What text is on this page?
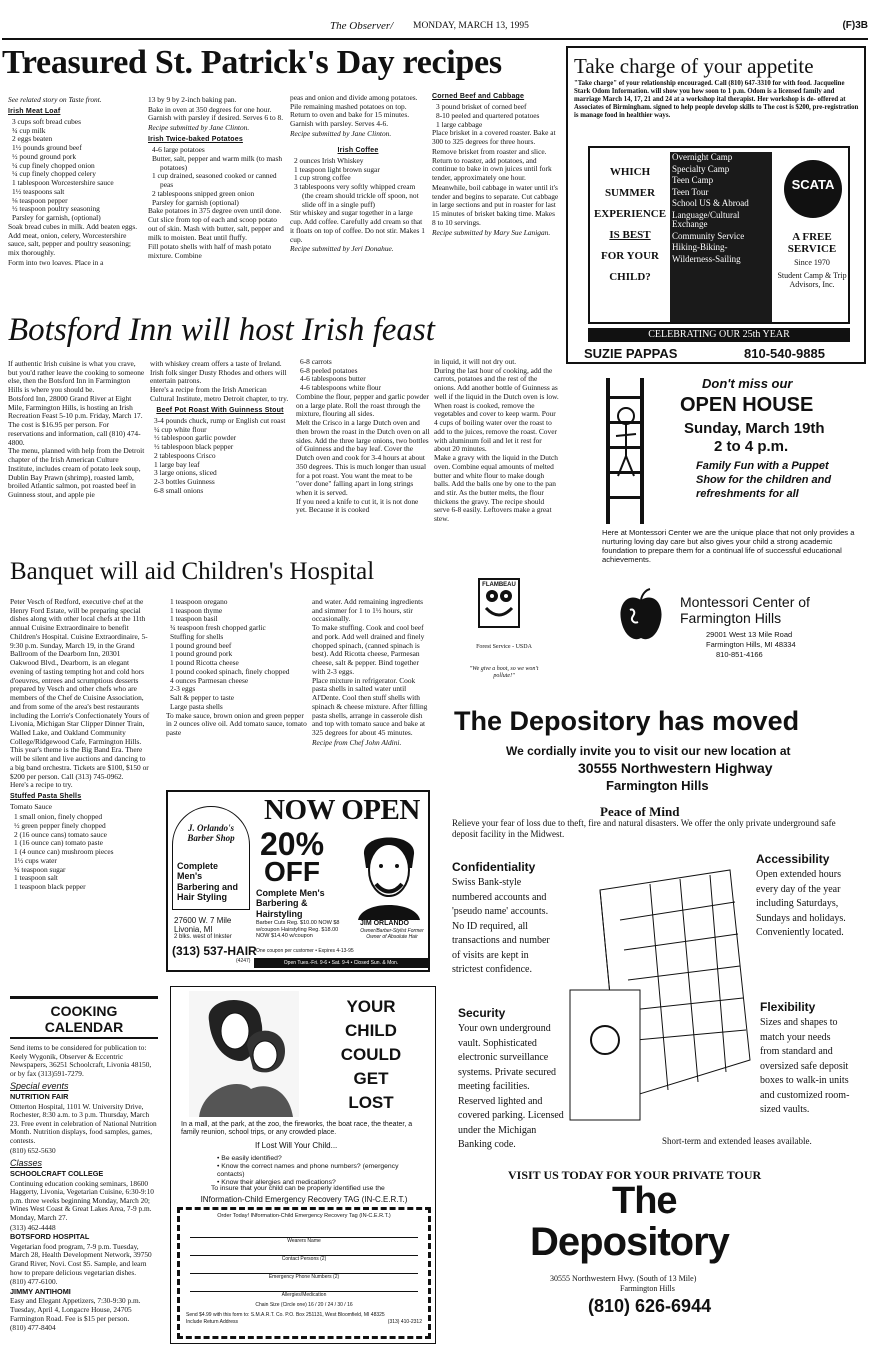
The Observer/ MONDAY, MARCH 13, 1995	(F)3B
Treasured St. Patrick's Day recipes

See related story on Taste front.

Irish Meat Loaf
3 cups soft bread cubes
¾ cup milk
2 eggs beaten
1½ pounds ground beef
½ pound ground pork
¼ cup finely chopped onion
¼ cup finely chopped celery
1 tablespoon Worcestershire sauce
1½ teaspoons salt
⅛ teaspoon pepper
½ teaspoon poultry seasoning
Parsley for garnish, (optional)

Soak bread cubes in milk. Add beaten eggs. Add meat, onion, celery, Worcestershire sauce, salt, pepper and poultry seasoning; mix thoroughly.

Form into two loaves. Place in a

13 by 9 by 2-inch baking pan.

Bake in oven at 350 degrees for one hour. Garnish with parsley if desired. Serves 6 to 8.

Recipe submitted by Jane Clinton.

Irish Twice-baked Potatoes
4-6 large potatoes
Butter, salt, pepper and warm milk (to mash potatoes)
1 cup drained, seasoned cooked or canned peas
2 tablespoons snipped green onion
Parsley for garnish (optional)

Bake potatoes in 375 degree oven until done. Cut slice from top of each and scoop potato out of skin. Mash with butter, salt, pepper and milk to moisten. Beat until fluffy.

Fill potato shells with half of mash potato mixture. Combine

peas and onion and divide among potatoes. Pile remaining mashed potatoes on top. Return to oven and bake for 15 minutes. Garnish with parsley. Serves 4-6.

Recipe submitted by Jane Clinton.

Irish Coffee
2 ounces Irish Whiskey
1 teaspoon light brown sugar
1 cup strong coffee
3 tablespoons very softly whipped cream (the cream should trickle off spoon, not slide off in a single puff)

Stir whiskey and sugar together in a large cup. Add coffee. Carefully add cream so that it floats on top of coffee. Do not stir. Makes 1 cup.

Recipe submitted by Jeri Donahue.

Corned Beef and Cabbage
3 pound brisket of corned beef
8-10 peeled and quartered potatoes
1 large cabbage

Place brisket in a covered roaster. Bake at 300 to 325 degrees for three hours.

Remove brisket from roaster and slice. Return to roaster, add potatoes, and continue to bake in own juices until fork tender, approximately one hour.

Meanwhile, boil cabbage in water until it's tender and begins to separate. Cut cabbage in large sections and put in roaster for last 15 minutes of brisket baking time. Makes 8 to 10 servings.

Recipe submitted by Mary Sue Lanigan.

Take charge of your appetite
"Take charge" of your relationship encouraged. Call (810) 647-3310 for with food. Jacqueline Stark Odom Information. will show you how soon to 1 p.m. Odom is a licensed family and marriage March 14, 17, 21 and 24 at a workshop ital therapist. Her workshop is de- offered at Associates of Birmingham. signed to help people develop skills to The cost is $200, pre-registration is manage food in healthier ways.
WHICH
SUMMER
EXPERIENCE
IS BEST
FOR YOUR
CHILD?
Overnight Camp
Specialty Camp
Teen Camp
Teen Tour
School US & Abroad
Language/Cultural Exchange
Community Service
Hiking-Biking-
Wilderness-Sailing
SCATA
A FREE SERVICE
Since 1970
Student Camp & Trip Advisors, Inc.
CELEBRATING OUR 25th YEAR
SUZIE PAPPAS	810-540-9885
Botsford Inn will host Irish feast
If authentic Irish cuisine is what you crave, but you'd rather leave the cooking to someone else, then the Botsford Inn in Farmington Hills is where you should be.
Botsford Inn, 28000 Grand River at Eight Mile, Farmington Hills, is hosting an Irish Recreation Feast 5-10 p.m. Friday, March 17. The cost is $16.95 per person. For reservations and information, call (810) 474-4800.
The menu, planned with help from the Detroit chapter of the Irish American Culture Institute, includes cream of potato leek soup, Dublin Bay Prawn (shrimp), roasted lamb, broiled Atlantic salmon, pot roasted beef in Guinness stout, and apple pie

with whiskey cream offers a taste of Ireland.
Irish folk singer Dusty Rhodes and others will entertain patrons.
Here's a recipe from the Irish American Cultural Institute, metro Detroit chapter, to try.

Beef Pot Roast With Guinness Stout
3-4 pounds chuck, rump or English cut roast
¼ cup white flour
½ tablespoon garlic powder
½ tablespoon black pepper
2 tablespoons Crisco
1 large bay leaf
3 large onions, sliced
2-3 bottles Guinness
6-8 small onions
6-8 carrots
6-8 peeled potatoes
4-6 tablespoons butter
4-6 tablespoons white flour

Combine the flour, pepper and garlic powder on a large plate. Roll the roast through the mixture, flouring all sides.
Melt the Crisco in a large Dutch oven and then brown the roast in the Dutch oven on all sides. Add the three large onions, two bottles of Guinness and the bay leaf. Cover the Dutch oven and cook for 3-4 hours at about 350 degrees. This is much longer than usual for a pot roast. You want the meat to be "over done" falling apart in long strings when it is served.
If you need a knife to cut it, it is not done yet. Because it is cooked

in liquid, it will not dry out.
During the last hour of cooking, add the carrots, potatoes and the rest of the onions. Add another bottle of Guinness as well if the liquid in the Dutch oven is low.
When roast is cooked, remove the vegetables and cover to keep warm. Pour 4 cups of boiling water over the roast to add to the juices, remove the roast. Cover with aluminum foil and let it rest for about 20 minutes.
Make a gravy with the liquid in the Dutch oven. Combine equal amounts of melted butter and white flour to make dough balls. Add the balls one by one to the pan and stir. As the butter melts, the flour thickens the gravy. The recipe should serve 6-8 easily. Leftovers make a great stew.
Don't miss our
OPEN HOUSE
Sunday, March 19th
2 to 4 p.m.
Family Fun with a Puppet Show for the children and refreshments for all
Here at Montessori Center we are the unique place that not only provides a nurturing loving day care but also gives your child a strong academic foundation to prepare them for a continual life of successful educational achievements.
Montessori Center of Farmington Hills
29001 West 13 Mile Road
Farmington Hills, MI 48334
810-851-4166
Banquet will aid Children's Hospital

Peter Vesch of Redford, executive chef at the Henry Ford Estate, will be preparing special dishes along with other local chefs at the 11th annual Cuisine Extraordinaire to benefit Children's Hospital. Cuisine Extraordinaire, 5-9:30 p.m. Sunday, March 19, in the Grand Ballroom of the Dearborn Inn, 20301 Oakwood Blvd., Dearborn, is an elegant evening of tasting tempting hot and cold hors d'oeuvres, entrees and scrumptious desserts prepared by Vesch and other chefs who are members of the Chef de Cuisine Association, and from some of the area's best restaurants including the Lorrie's Confectionately Yours of Livonia, Michigan Star Clipper Dinner Train, Walled Lake, and Oakland Community College/Ridgewood Cafe, Farmington Hills.
This year's theme is the Big Band Era. There will be silent and live auctions and dancing to a big band orchestra. Tickets are $100, $150 or $200 per person. Call (313) 745-0962.
Here's a recipe to try.

Stuffed Pasta Shells

Tomato Sauce

1 small onion, finely chopped
½ green pepper finely chopped
2 (16 ounce cans) tomato sauce
1 (16 ounce can) tomato paste
1 (4 ounce can) mushroom pieces
1½ cups water
¾ teaspoon sugar
1 teaspoon salt
1 teaspoon black pepper
1 teaspoon oregano
1 teaspoon thyme
1 teaspoon basil
¾ teaspoon fresh chopped garlic
Stuffing for shells
1 pound ground beef
1 pound ground pork
1 pound Ricotta cheese
1 pound cooked spinach, finely chopped
4 ounces Parmesan cheese
2-3 eggs
Salt & pepper to taste
Large pasta shells

To make sauce, brown onion and green pepper in 2 ounces olive oil. Add tomato sauce, tomato paste

and water. Add remaining ingredients and simmer for 1 to 1½ hours, stir occasionally.
To make stuffing. Cook and cool beef and pork. Add well drained and finely chopped spinach, (canned spinach is best). Add Ricotta cheese, Parmesan cheese, salt & pepper. Bind together with 2-3 eggs.
Place mixture in refrigerator. Cook pasta shells in salted water until Al'Dente. Cool then stuff shells with spinach & cheese mixture. After filling pasta shells, arrange in casserole dish and top with tomato sauce and bake at 325 degrees for about 45 minutes.

Recipe from Chef John Aldini.

FLAMBEAU
Forest Service - USDA
"We give a hoot, so we won't pollute!"
COOKING
CALENDAR

Send items to be considered for publication to: Keely Wygonik, Observer & Eccentric Newspapers, 36251 Schoolcraft, Livonia 48150, or by fax (313)591-7279.

Special events

NUTRITION FAIR

Ottterton Hospital, 1101 W. University Drive, Rochester, 8:30 a.m. to 3 p.m. Thursday, March 23. Free event in celebration of National Nutrition Month. Nutrition displays, food samples, games, contests.

(810) 652-5630

Classes

SCHOOLCRAFT COLLEGE

Continuing education cooking seminars, 18600 Haggerty, Livonia, Vegetarian Cuisine, 6:30-9:10 p.m. three weeks beginning Monday, March 20; Wines West Coast & Great Lakes Area, 7-9 p.m. Monday, March 27.

(313) 462-4448

BOTSFORD HOSPITAL

Vegetarian food program, 7-9 p.m. Tuesday, March 28, Health Development Network, 39750 Grand River, Novi. Cost $5. Sample, and learn how to prepare delicious vegetarian dishes.

(810) 477-6100.

JIMMY ANTIHOMI

Easy and Elegant Appetizers, 7:30-9:30 p.m. Tuesday, April 4, Longacre House, 24705 Farmington Road. Fee is $15 per person.

(810) 477-8404

NOW OPEN
J. Orlando's Barber Shop
Complete Men's Barbering and Hair Styling
20%
OFF
Complete Men's Barbering & Hairstyling
Barber Cuts Reg. $10.00 NOW $8 w/coupon Hairstyling Reg. $18.00 NOW $14.40 w/coupon
27600 W. 7 Mile
Livonia, MI
2 blks. west of Inkster
(313) 537-HAIR
(4247)
One coupon per customer • Expires 4-13-95
JIM ORLANDO
Owner/Barber-Stylist Former Owner of Absolute Hair
Open Tues.-Fri. 9-6 • Sat. 9-4 • Closed Sun. & Mon.
YOUR
CHILD
COULD
GET
LOST
In a mall, at the park, at the zoo, the fireworks, the boat race, the theater, a family reunion, school trips, or any crowded place.
If Lost Will Your Child...
• Be easily identified?
• Know the correct names and phone numbers? (emergency contacts)
• Know their allergies and medications?
To insure that your child can be properly identified use the
INformation-Child Emergency Recovery TAG (IN-C.E.R.T.)
Order Today! INformation-Child Emergency Recovery Tag (IN-C.E.R.T.)
Wearers Name
Contact Persons (2)
Emergency Phone Numbers (2)
Allergies/Medication
Chain Size (Circle one) 16 / 20 / 24 / 30 / 16
Send $4.99 with this form to: S.M.A.R.T. Co. P.O. Box 251131, West Bloomfield, MI 48325
Include Return Address	(313) 410-2312
The Depository has moved
We cordially invite you to visit our new location at
30555 Northwestern Highway
Farmington Hills
Peace of Mind
Relieve your fear of loss due to theft, fire and natural disasters. We offer the only private underground safe deposit facility in the Midwest.
Confidentiality
Swiss Bank-style numbered accounts and 'pseudo name' accounts. No ID required, all transactions and number of visits are kept in strictest confidence.
Accessibility
Open extended hours every day of the year including Saturdays, Sundays and holidays. Conveniently located.
Flexibility
Sizes and shapes to match your needs from standard and oversized safe deposit boxes to walk-in units and customized room-sized vaults.
Security
Your own underground vault. Sophisticated electronic surveillance systems. Private secured meeting facilities. Reserved lighted and covered parking. Licensed under the Michigan Banking code.	Short-term and extended leases available.
VISIT US TODAY FOR YOUR PRIVATE TOUR
The
Depository
30555 Northwestern Hwy. (South of 13 Mile)
Farmington Hills
(810) 626-6944
